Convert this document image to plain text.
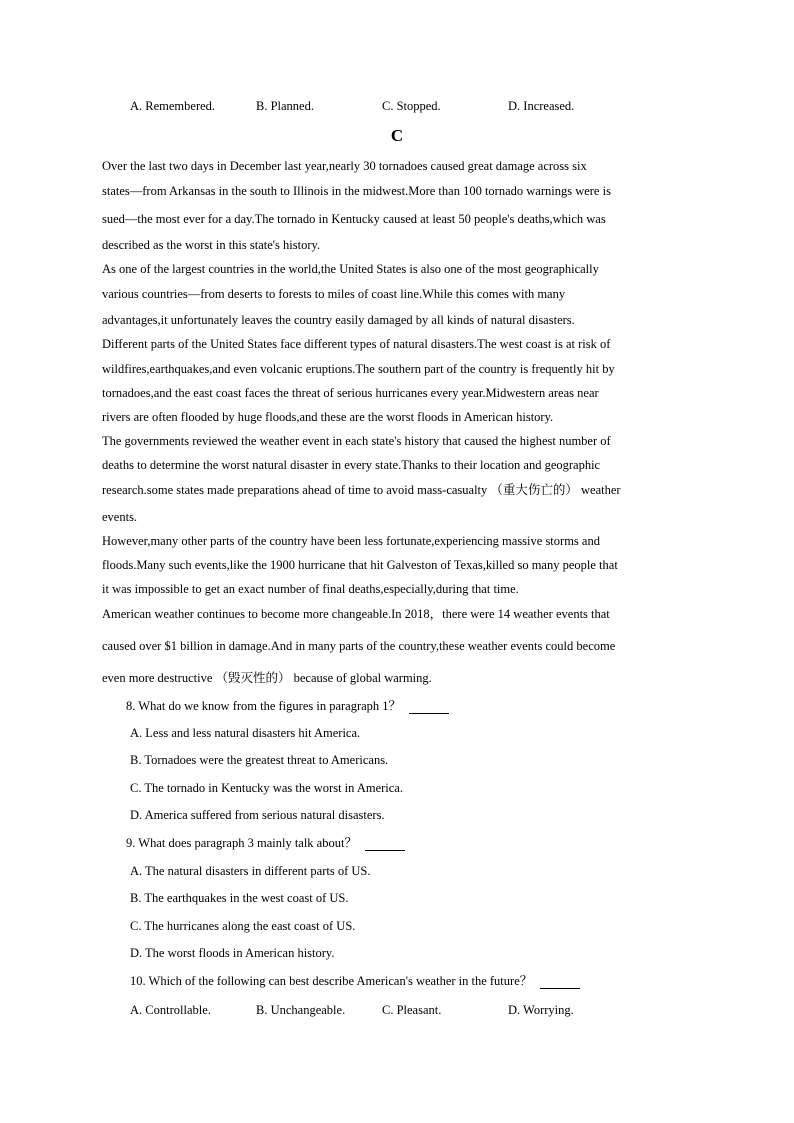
A. Remembered.	B. Planned.	C. Stopped.	D. Increased.
C
Over the last two days in December last year,nearly 30 tornadoes caused great damage across six
states—from Arkansas in the south to Illinois in the midwest.More than 100 tornado warnings were is
sued—the most ever for a day.The tornado in Kentucky caused at least 50 people's deaths,which was
described as the worst in this state's history.
As one of the largest countries in the world,the United States is also one of the most geographically
various countries—from deserts to forests to miles of coast line.While this comes with many
advantages,it unfortunately leaves the country easily damaged by all kinds of natural disasters.
Different parts of the United States face different types of natural disasters.The west coast is at risk of
wildfires,earthquakes,and even volcanic eruptions.The southern part of the country is frequently hit by
tornadoes,and the east coast faces the threat of serious hurricanes every year.Midwestern areas near
rivers are often flooded by huge floods,and these are the worst floods in American history.
The governments reviewed the weather event in each state's history that caused the highest number of
deaths to determine the worst natural disaster in every state.Thanks to their location and geographic
research.some states made preparations ahead of time to avoid mass-casualty （重大伤亡的） weather
events.
However,many other parts of the country have been less fortunate,experiencing massive storms and
floods.Many such events,like the 1900 hurricane that hit Galveston of Texas,killed so many people that
it was impossible to get an exact number of final deaths,especially,during that time.
American weather continues to become more changeable.In 2018，there were 14 weather events that
caused over $1 billion in damage.And in many parts of the country,these weather events could become
even more destructive （毁灭性的） because of global warming.
8. What do we know from the figures in paragraph 1？
A. Less and less natural disasters hit America.
B. Tornadoes were the greatest threat to Americans.
C. The tornado in Kentucky was the worst in America.
D. America suffered from serious natural disasters.
9. What does paragraph 3 mainly talk about？
A. The natural disasters in different parts of US.
B. The earthquakes in the west coast of US.
C. The hurricanes along the east coast of US.
D. The worst floods in American history.
10. Which of the following can best describe American's weather in the future？
A. Controllable.	B. Unchangeable.	C. Pleasant.	D. Worrying.
